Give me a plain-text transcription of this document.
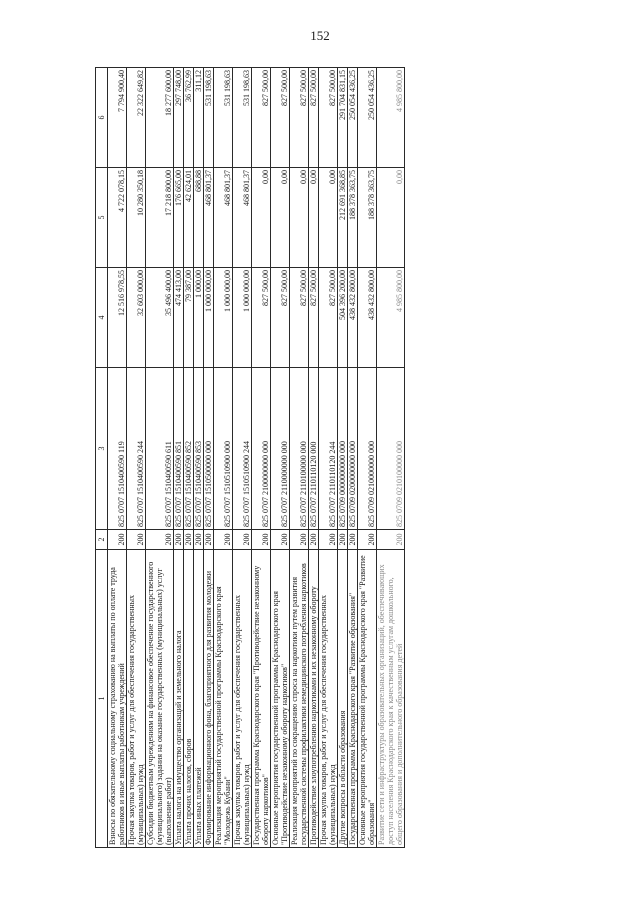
152
1	2	3	4	5	6
Взносы по обязательному социальному страхованию на выплаты по оплате труда работников и иные выплаты работникам учреждений	200	825 0707 1510400590 119	12 516 978,55	4 722 078,15	7 794 900,40
Прочая закупка товаров, работ и услуг для обеспечения государственных (муниципальных) нужд	200	825 0707 1510400590 244	32 603 000,00	10 280 350,18	22 322 649,82
Субсидии бюджетным учреждениям на финансовое обеспечение государственного (муниципального) задания на оказание государственных (муниципальных) услуг (выполнение работ)	200	825 0707 1510400590 611	35 496 400,00	17 218 800,00	18 277 600,00
Уплата налога на имущество организаций и земельного налога	200	825 0707 1510400590 851	474 413,00	176 665,00	297 748,00
Уплата прочих налогов, сборов	200	825 0707 1510400590 852	79 387,00	42 624,01	36 762,99
Уплата иных платежей	200	825 0707 1510400590 853	1 000,00	688,88	311,12
Формирование информационного фона, благоприятного для развития молодежи	200	825 0707 1510500000 000	1 000 000,00	468 801,37	531 198,63
Реализация мероприятий государственной программы Краснодарского края "Молодежь Кубани"	200	825 0707 1510510900 000	1 000 000,00	468 801,37	531 198,63
Прочая закупка товаров, работ и услуг для обеспечения государственных (муниципальных) нужд	200	825 0707 1510510900 244	1 000 000,00	468 801,37	531 198,63
Государственная программа Краснодарского края "Противодействие незаконному обороту наркотиков"	200	825 0707 2100000000 000	827 500,00	0,00	827 500,00
Основные мероприятия государственной программы Краснодарского края "Противодействие незаконному обороту наркотиков"	200	825 0707 2110000000 000	827 500,00	0,00	827 500,00
Реализация мероприятий по сокращению спроса на наркотики путем развития государственной системы профилактики немедицинского потребления наркотиков	200	825 0707 2110100000 000	827 500,00	0,00	827 500,00
Противодействие злоупотреблению наркотиками и их незаконному обороту	200	825 0707 2110110120 000	827 500,00	0,00	827 500,00
Прочая закупка товаров, работ и услуг для обеспечения государственных (муниципальных) нужд	200	825 0707 2110110120 244	827 500,00	0,00	827 500,00
Другие вопросы в области образования	200	825 0709 0000000000 000	504 396 200,00	212 691 368,85	291 704 831,15
Государственная программа Краснодарского края "Развитие образования"	200	825 0709 0200000000 000	438 432 800,00	188 378 363,75	250 054 436,25
Основные мероприятия государственной программы Краснодарского края "Развитие образования"	200	825 0709 0210000000 000	438 432 800,00	188 378 363,75	250 054 436,25
Развитие сети и инфраструктуры образовательных организаций, обеспечивающих доступ населения Краснодарского края к качественным услугам дошкольного, общего образования и дополнительного образования детей	200	825 0709 0210100000 000	4 985 800,00	0,00	4 985 800,00
